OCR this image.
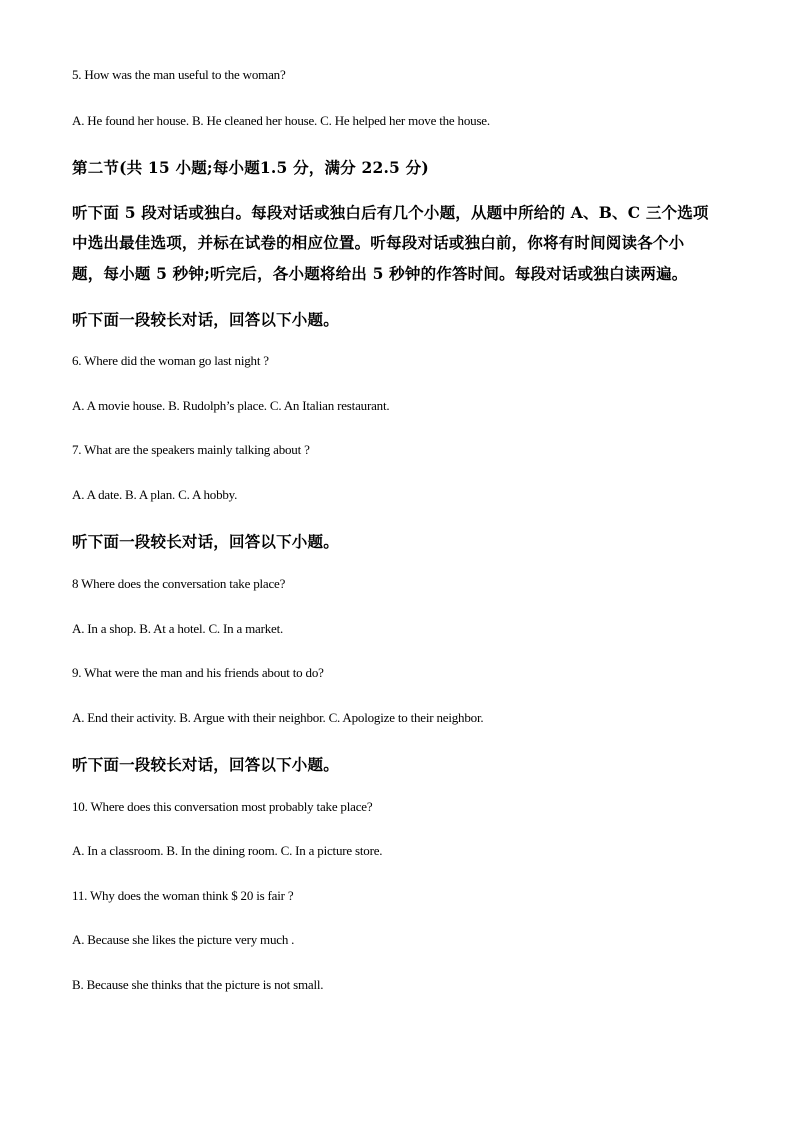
5. How was the man useful to the woman?
A. He found her house. B. He cleaned her house. C. He helped her move the house.
第二节(共 15 小题;每小题1.5 分，满分 22.5 分)
听下面 5 段对话或独白。每段对话或独白后有几个小题，从题中所给的 A、B、C 三个选项
中选出最佳选项，并标在试卷的相应位置。听每段对话或独白前，你将有时间阅读各个小
题，每小题 5 秒钟;听完后，各小题将给出 5 秒钟的作答时间。每段对话或独白读两遍。
听下面一段较长对话，回答以下小题。
6. Where did the woman go last night ?
A. A movie house. B. Rudolph’s place. C. An Italian restaurant.
7. What are the speakers mainly talking about ?
A. A date. B. A plan. C. A hobby.
听下面一段较长对话，回答以下小题。
8 Where does the conversation take place?
A. In a shop. B. At a hotel. C. In a market.
9. What were the man and his friends about to do?
A. End their activity. B. Argue with their neighbor. C. Apologize to their neighbor.
听下面一段较长对话，回答以下小题。
10. Where does this conversation most probably take place?
A. In a classroom. B. In the dining room. C. In a picture store.
11. Why does the woman think $ 20 is fair ?
A. Because she likes the picture very much .
B. Because she thinks that the picture is not small.
